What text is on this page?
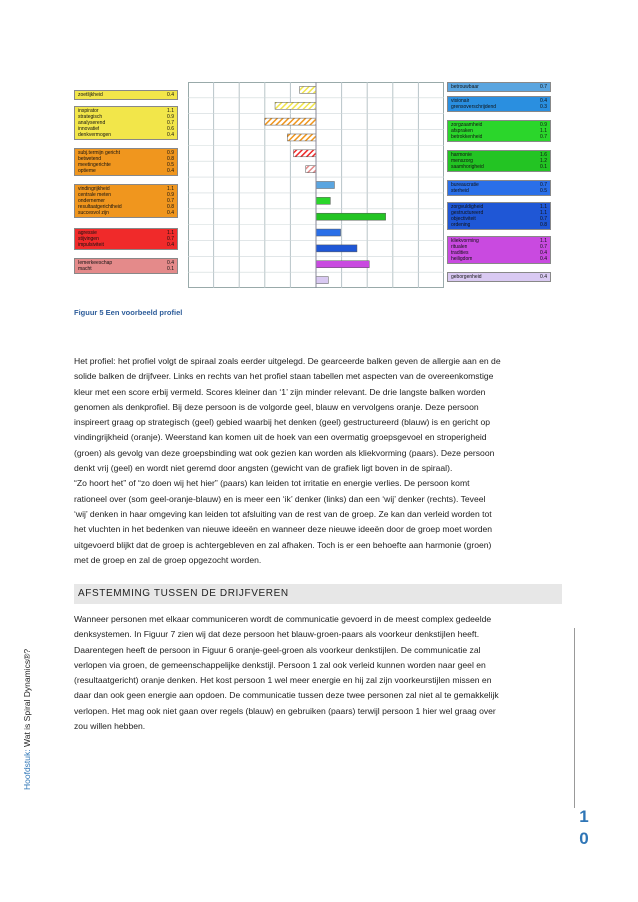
zoetlijkheid	0.4
inspirator	1.1
strategisch	0.9
analyserend	0.7
innovatief	0.6
denkvermogen	0.4
subj.termijn gericht	0.9
betwetend	0.8
meetingerichte	0.5
optieme	0.4
vindingrijkheid	1.1
centrale meten	0.9
ondernemer	0.7
resultaatgerichtheid	0.8
succesvol zijn	0.4
agressie	1.1
stijvingen	0.7
impulsiviteit	0.4
Iemerkeeschap	0.4
macht	0.1
betrouwbaar	0.7
visionair	0.4
grensoverschrijdend	0.3
zorgzaamheid	0.9
afspraken	1.1
betrokkenheid	0.7
harmonie	1.6
menszorg	1.2
saamhorigheid	0.1
bureaucratie	0.7
sterheid	0.5
zorgvuldigheid	1.1
gestructureerd	1.1
objectiviteit	0.7
ordening	0.8
kliekvorming	1.1
ritualen	0.7
tradities	0.4
heiligdom	0.4
geborgenheid	0.4
Figuur 5 Een voorbeeld profiel

Het profiel: het profiel volgt de spiraal zoals eerder uitgelegd. De gearceerde balken geven de allergie aan en de

solide balken de drijfveer. Links en rechts van het profiel staan tabellen met aspecten van de overeenkomstige

kleur met een score erbij vermeld. Scores kleiner dan ‘1’ zijn minder relevant. De drie langste balken worden

genomen als denkprofiel. Bij deze persoon is de volgorde geel, blauw en vervolgens oranje. Deze persoon

inspireert graag op strategisch (geel) gebied waarbij het denken (geel) gestructureerd (blauw) is en gericht op

vindingrijkheid (oranje). Weerstand kan komen uit de hoek van een overmatig groepsgevoel en stroperigheid

(groen) als gevolg van deze groepsbinding wat ook gezien kan worden als kliekvorming (paars). Deze persoon

denkt vrij (geel) en wordt niet geremd door angsten (gewicht van de grafiek ligt boven in de spiraal).

“Zo hoort het” of “zo doen wij het hier” (paars) kan leiden tot irritatie en energie verlies. De persoon komt

rationeel over (som geel-oranje-blauw) en is meer een ‘ik’ denker (links) dan een ‘wij’ denker (rechts). Teveel

‘wij’ denken in haar omgeving kan leiden tot afsluiting van de rest van de groep. Ze kan dan verleid worden tot

het vluchten in het bedenken van nieuwe ideeën en wanneer deze nieuwe ideeën door de groep moet worden

uitgevoerd blijkt dat de groep is achtergebleven en zal afhaken. Toch is er een behoefte aan harmonie (groen)

met de groep en zal de groep opgezocht worden.

AFSTEMMING TUSSEN DE DRIJFVEREN

Wanneer personen met elkaar communiceren wordt de communicatie gevoerd in de meest complex gedeelde

denksystemen. In Figuur 7 zien wij dat deze persoon het blauw-groen-paars als voorkeur denkstijlen heeft.

Daarentegen heeft de persoon in Figuur 6 oranje-geel-groen als voorkeur denkstijlen. De communicatie zal

verlopen via groen, de gemeenschappelijke denkstijl. Persoon 1 zal ook verleid kunnen worden naar geel en

(resultaatgericht) oranje denken. Het kost persoon 1 wel meer energie en hij zal zijn voorkeurstijlen missen en

daar dan ook geen energie aan opdoen. De communicatie tussen deze twee personen zal niet al te gemakkelijk

verlopen. Het mag ook niet gaan over regels (blauw) en gebruiken (paars) terwijl persoon 1 hier wel graag over

zou willen hebben.

Hoofdstuk: Wat is Spiral Dynamics®?
1
0
